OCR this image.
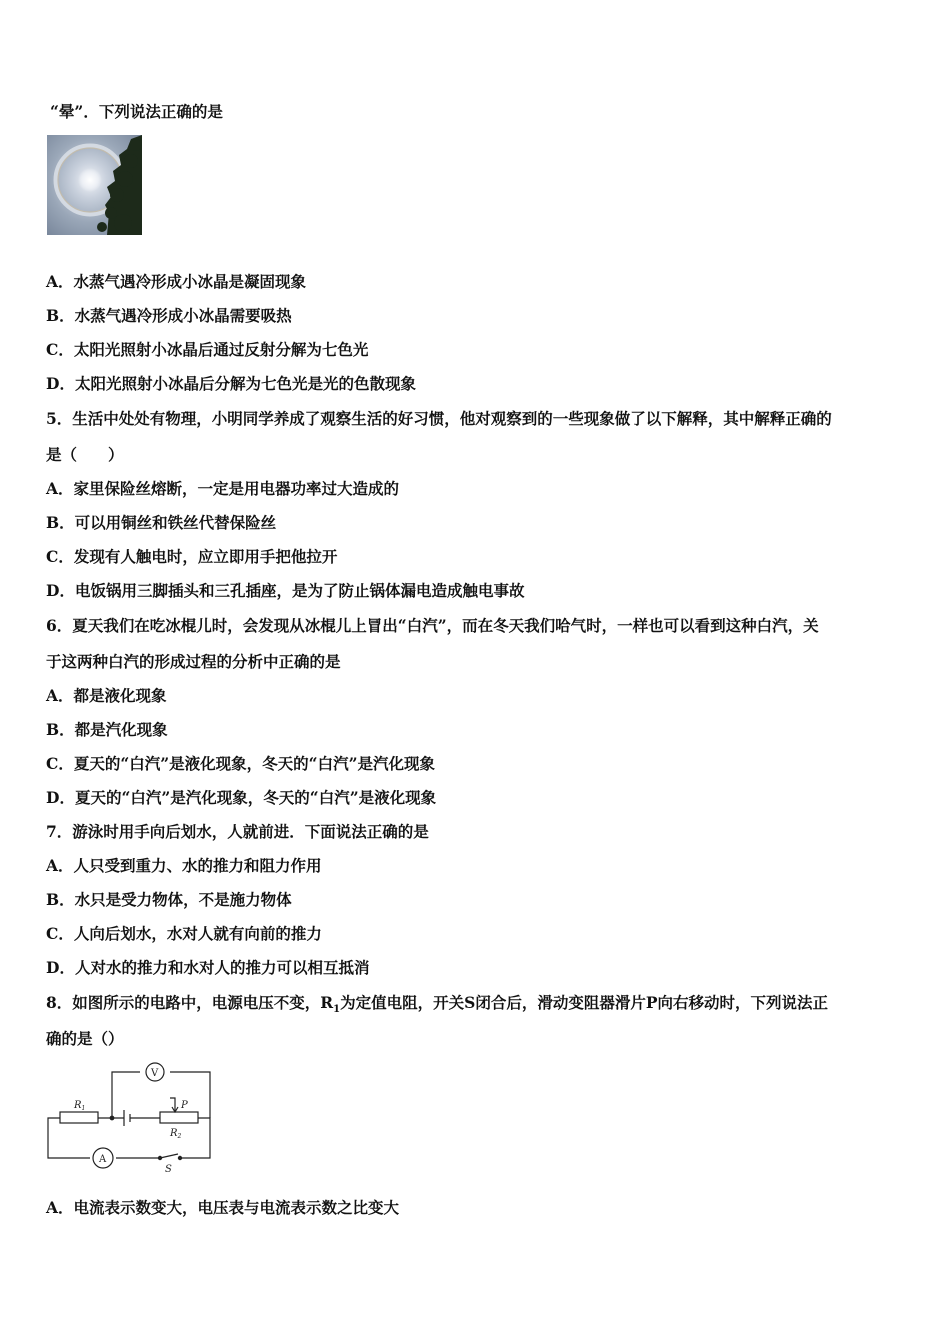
“晕”．下列说法正确的是
A．水蒸气遇冷形成小冰晶是凝固现象
B．水蒸气遇冷形成小冰晶需要吸热
C．太阳光照射小冰晶后通过反射分解为七色光
D．太阳光照射小冰晶后分解为七色光是光的色散现象
5．生活中处处有物理，小明同学养成了观察生活的好习惯，他对观察到的一些现象做了以下解释，其中解释正确的
是（　　）
A．家里保险丝熔断，一定是用电器功率过大造成的
B．可以用铜丝和铁丝代替保险丝
C．发现有人触电时，应立即用手把他拉开
D．电饭锅用三脚插头和三孔插座，是为了防止锅体漏电造成触电事故
6．夏天我们在吃冰棍儿时，会发现从冰棍儿上冒出“白汽”，而在冬天我们哈气时，一样也可以看到这种白汽，关
于这两种白汽的形成过程的分析中正确的是
A．都是液化现象
B．都是汽化现象
C．夏天的“白汽”是液化现象，冬天的“白汽”是汽化现象
D．夏天的“白汽”是汽化现象，冬天的“白汽”是液化现象
7．游泳时用手向后划水，人就前进．下面说法正确的是
A．人只受到重力、水的推力和阻力作用
B．水只是受力物体，不是施力物体
C．人向后划水，水对人就有向前的推力
D．人对水的推力和水对人的推力可以相互抵消
8．如图所示的电路中，电源电压不变，$R_1$为定值电阻，开关S闭合后，滑动变阻器滑片P向右移动时，下列说法正
确的是（）
$R_1$
$R_2$
P
V
A
S
A．电流表示数变大，电压表与电流表示数之比变大
